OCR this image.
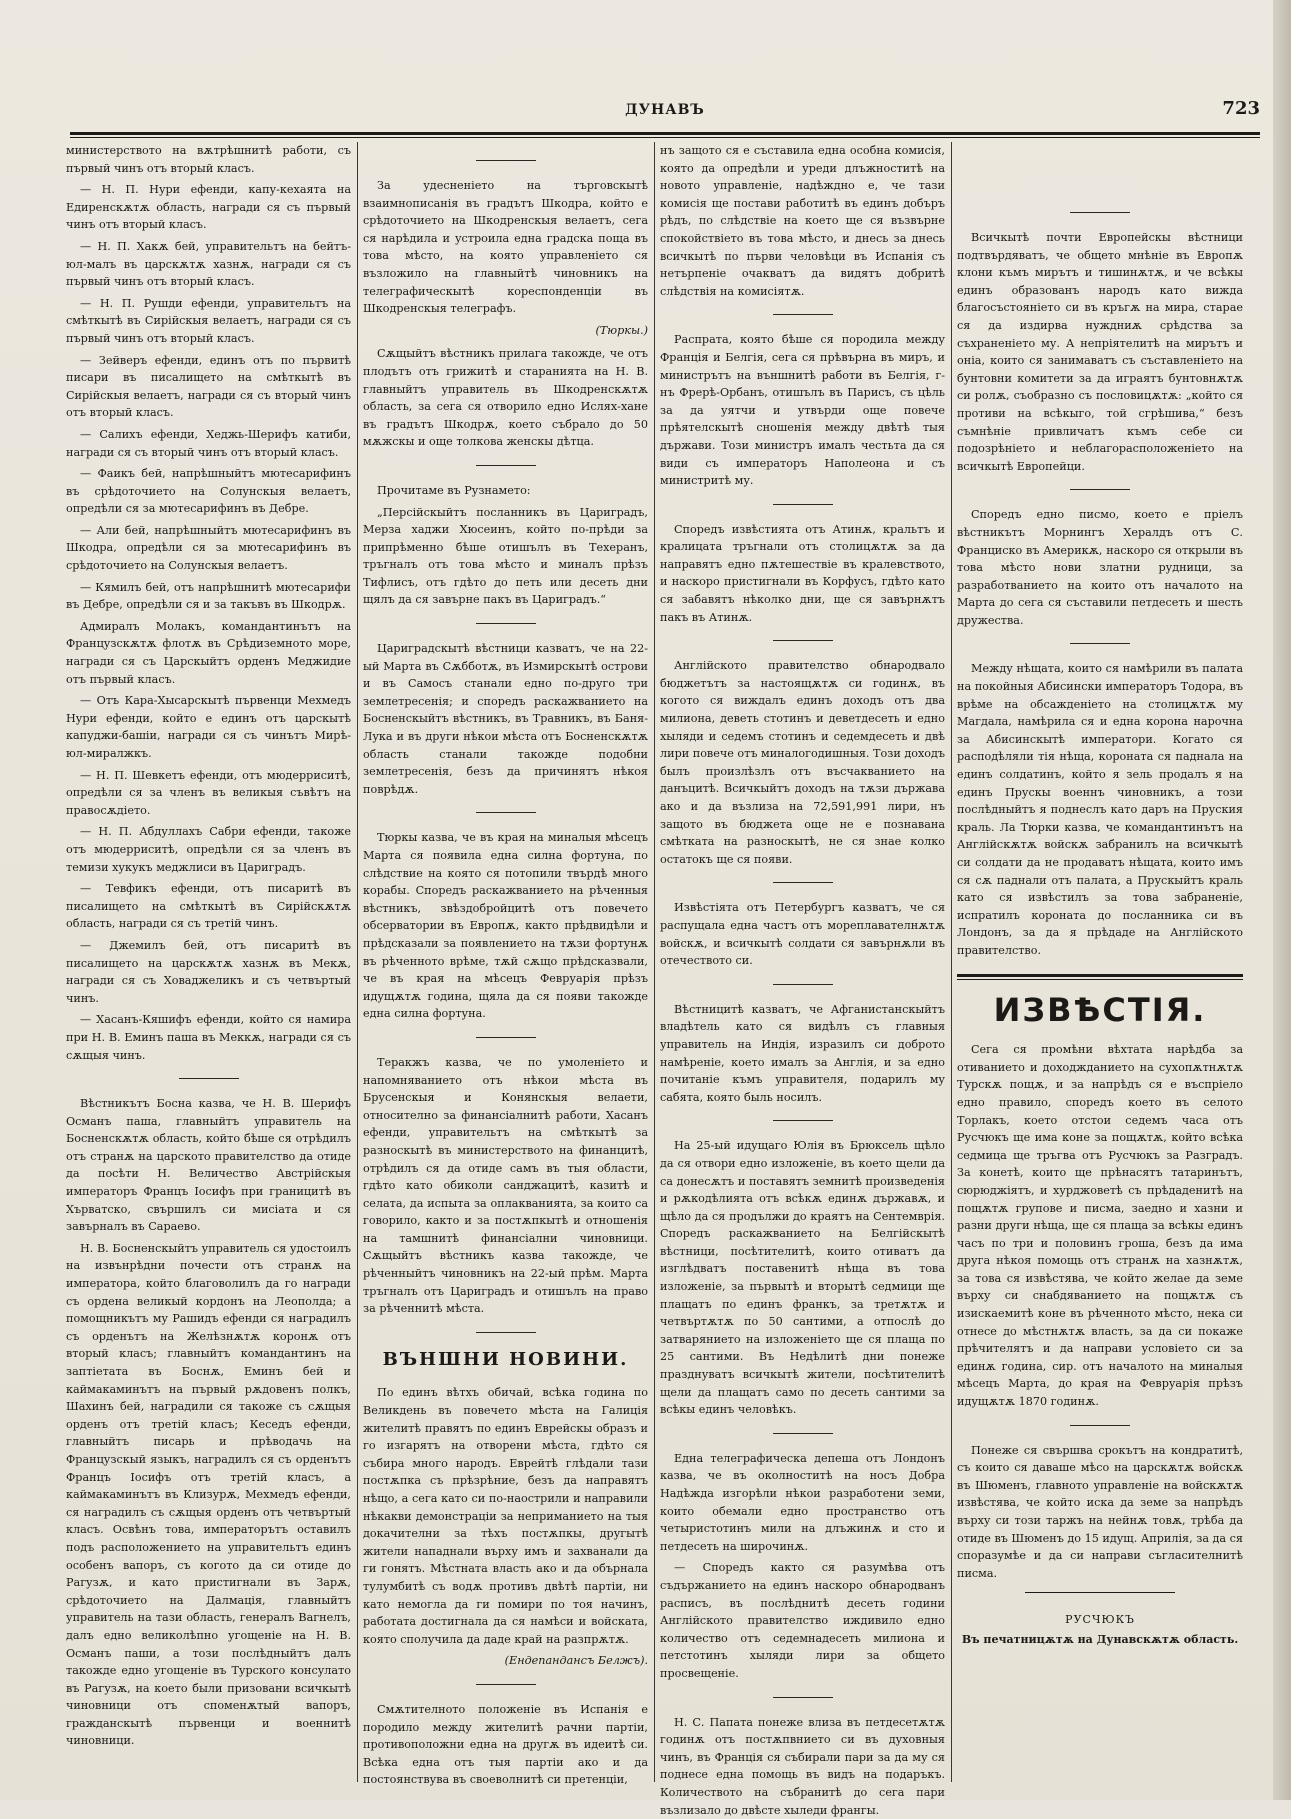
ДУНАВЪ	723

министерството на вѫтрѣшнитѣ работи, съ първый чинъ отъ вторый класъ.

— Н. П. Нури ефенди, капу-кехаята на Едиренскѫтѫ область, награди ся съ първый чинъ отъ вторый класъ.

— Н. П. Хакѫ бей, управительтъ на бейтъ-юл-малъ въ царскѫтѫ хазнѫ, награди ся съ първый чинъ отъ вторый класъ.

— Н. П. Рушди ефенди, управительтъ на смѣткытѣ въ Сирійскыя велаетъ, награди ся съ първый чинъ отъ вторый класъ.

— Зейверъ ефенди, единъ отъ по първитѣ писари въ писалището на смѣткытѣ въ Сирійскыя велаетъ, награди ся съ вторый чинъ отъ вторый класъ.

— Салихъ ефенди, Хеджь-Шерифъ катиби, награди ся съ вторый чинъ отъ вторый класъ.

— Фаикъ бей, напрѣшныйтъ мютесарифинъ въ срѣдоточието на Солунскыя велаетъ, опредѣли ся за мютесарифинъ въ Дебре.

— Али бей, напрѣшныйтъ мютесарифинъ въ Шкодра, опредѣли ся за мютесарифинъ въ срѣдоточието на Солунскыя велаетъ.

— Кямилъ бей, отъ напрѣшнитѣ мютесарифи въ Дебре, опредѣли ся и за такъвъ въ Шкодрѫ.

Адмиралъ Молакъ, командантинътъ на Французскѫтѫ флотѫ въ Срѣдиземното море, награди ся съ Царскыйтъ орденъ Меджидие отъ първый класъ.

— Отъ Кара-Хысарскытѣ първенци Мехмедъ Нури ефенди, който е единъ отъ царскытѣ капуджи-башіи, награди ся съ чинътъ Мирѣ-юл-миралжкъ.

— Н. П. Шевкетъ ефенди, отъ мюдерриситѣ, опредѣли ся за членъ въ великыя съвѣтъ на правосѫдіето.

— Н. П. Абдуллахъ Сабри ефенди, такоже отъ мюдерриситѣ, опредѣли ся за членъ въ темизи хукукъ меджлиси въ Цариградъ.

— Тевфикъ ефенди, отъ писаритѣ въ писалището на смѣткытѣ въ Сирійскѫтѫ область, награди ся съ третій чинъ.

— Джемилъ бей, отъ писаритѣ въ писалището на царскѫтѫ хазнѫ въ Мекѫ, награди ся съ Ховаджеликъ и съ четвъртый чинъ.

— Хасанъ-Кяшифъ ефенди, който ся намира при Н. В. Еминъ паша въ Меккѫ, награди ся съ сѫщыя чинъ.

Вѣстникътъ Босна казва, че Н. В. Шерифъ Османъ паша, главныйтъ управитель на Босненскѫтѫ область, който бѣше ся отрѣдилъ отъ странѫ на царското правителство да отиде да посѣти Н. Величество Австрійскыя императоръ Францъ Іосифъ при границитѣ въ Хърватско, свършилъ си мисіата и ся завърналъ въ Сараево.

Н. В. Босненскыйтъ управитель ся удостоилъ на извънрѣдни почести отъ странѫ на императора, който благоволилъ да го награди съ ордена великый кордонъ на Леополда; а помощникътъ му Рашидъ ефенди ся наградилъ съ орденътъ на Желѣзнѫтѫ коронѫ отъ вторый класъ; главныйтъ командантинъ на заптіетата въ Боснѫ, Еминъ бей и каймакаминътъ на първый рѫдовенъ полкъ, Шахинъ бей, наградили ся такоже съ сѫщыя орденъ отъ третій класъ; Кеседъ ефенди, главныйтъ писарь и прѣводачь на Французскый языкъ, наградилъ ся съ орденътъ Францъ Іосифъ отъ третій класъ, а каймакаминътъ въ Клизурѫ, Мехмедъ ефенди, ся наградилъ съ сѫщыя орденъ отъ четвъртый класъ. Освѣнъ това, императорътъ оставилъ подъ расположението на управительтъ единъ особенъ вапоръ, съ когото да си отиде до Рагузѫ, и като пристигнали въ Зарѫ, срѣдоточието на Далмація, главныйтъ управитель на тази область, генералъ Вагнелъ, далъ едно великолѣпно угощеніе на Н. В. Османъ паши, а този послѣдныйтъ далъ такожде едно угощеніе въ Турского консулато въ Рагузѫ, на което были призовани всичкытѣ чиновници отъ споменѫтый вапоръ, гражданскытѣ първенци и военнитѣ чиновници.

За удесненіето на търговскытѣ взаимнописанія въ градътъ Шкодра, който е срѣдоточието на Шкодренскыя велаетъ, сега ся нарѣдила и устроила една градска поща въ това мѣсто, на която управленіето ся възложило на главныйтѣ чиновникъ на телеграфическытѣ кореспонденціи въ Шкодренскыя телеграфъ.

(Тюркы.)

Сѫщыйтъ вѣстникъ прилага такожде, че отъ плодътъ отъ грижитѣ и старанията на Н. В. главныйтъ управитель въ Шкодренскѫтѫ область, за сега ся отворило едно Ислях-хане въ градътъ Шкодрѫ, което събрало до 50 мѫжскы и още толкова женскы дѣтца.

Прочитаме въ Рузнамето:

„Персійскыйтъ посланникъ въ Цариградъ, Мерза хаджи Хюсеинъ, който по-прѣди за припрѣменно бѣше отишълъ въ Техеранъ, тръгналъ отъ това мѣсто и миналъ прѣзъ Тифлисъ, отъ гдѣто до петь или десеть дни щялъ да ся завърне пакъ въ Цариградъ.“

Цариградскытѣ вѣстници казватъ, че на 22-ый Марта въ Сѫбботѫ, въ Измирскытѣ острови и въ Самосъ станали едно по-друго три землетресенія; и споредъ раскажванието на Босненскыйтъ вѣстникъ, въ Травникъ, въ Баня-Лука и въ други нѣкои мѣста отъ Босненскѫтѫ область станали такожде подобни землетресенія, безъ да причинятъ нѣкоя поврѣдѫ.

Тюркы казва, че въ края на миналыя мѣсецъ Марта ся появила една силна фортуна, по слѣдствие на която ся потопили твърдѣ много корабы. Споредъ раскажванието на рѣченныя вѣстникъ, звѣздобройцитѣ отъ повечето обсерватории въ Европѫ, както прѣдвидѣли и прѣдсказали за появлението на тѫзи фортунѫ въ рѣченното врѣме, тѫй сѫщо прѣдсказвали, че въ края на мѣсецъ Февруарія прѣзъ идущѫтѫ година, щяла да ся появи такожде една силна фортуна.

Теракжъ казва, че по умоленіето и напомняванието отъ нѣкои мѣста въ Брусенскыя и Конянскыя велаети, относително за финансіалнитѣ работи, Хасанъ ефенди, управительтъ на смѣткытѣ за разноскытѣ въ министерството на финанцитѣ, отрѣдилъ ся да отиде самъ въ тыя области, гдѣто като обиколи санджацитѣ, казитѣ и селата, да испыта за оплакванията, за които са говорило, както и за постѫпкытѣ и отношенія на тамшнитѣ финансіални чиновници. Сѫщыйтъ вѣстникъ казва такожде, че рѣченныйтъ чиновникъ на 22-ый прѣм. Марта тръгналъ отъ Цариградъ и отишълъ на право за рѣченнитѣ мѣста.

ВЪНШНИ НОВИНИ.

По единъ вѣтхъ обичай, всѣка година по Великдень въ повечето мѣста на Галиція жителитѣ правятъ по единъ Еврейскы образъ и го изгарятъ на отворени мѣста, гдѣто ся събира много народъ. Еврейтѣ глѣдали тази постѫпка съ прѣзрѣние, безъ да направятъ нѣщо, а сега като си по-наострили и направили нѣкакви демонстраціи за неприманието на тыя докачителни за тѣхъ постѫпкы, другытѣ жители нападнали върху имъ и захванали да ги гонятъ. Мѣстната власть ако и да обърнала тулумбитѣ съ водѫ противъ двѣтѣ партіи, ни като немогла да ги помири по тоя начинъ, работата достигнала да ся намѣси и войската, която сполучила да даде край на разпрѫтѫ.

(Ендепандансъ Белжъ).

Смѫтителното положеніе въ Испанія е породило между жителитѣ рачни партіи, противоположни една на другѫ въ идеитѣ си. Всѣка една отъ тыя партіи ако и да постоянствува въ своеволнитѣ си претенціи,

нъ защото ся е съставила една особна комисія, която да опредѣли и уреди длъжноститѣ на новото управленіе, надѣждно е, че тази комисія ще постави работитѣ въ единъ добъръ рѣдъ, по слѣдствіе на което ще ся възвърне спокойствіето въ това мѣсто, и днесь за днесь всичкытѣ по първи человѣци въ Испанія съ нетърпеніе очакватъ да видятъ добритѣ слѣдствія на комисіятѫ.

Распрата, която бѣше ся породила между Франція и Белгія, сега ся прѣвърна въ миръ, и министрътъ на външнитѣ работи въ Белгія, г-нъ Фрерѣ-Орбанъ, отишълъ въ Парисъ, съ цѣль за да уятчи и утвърди още повече прѣятелскытѣ сношенія между двѣтѣ тыя държави. Този министръ ималъ честьта да ся види съ императоръ Наполеона и съ министритѣ му.

Споредъ извѣстията отъ Атинѫ, кральтъ и кралицата тръгнали отъ столицѫтѫ за да направятъ едно пѫтешествіе въ кралевството, и наскоро пристигнали въ Корфусъ, гдѣто като ся забавятъ нѣколко дни, ще ся завърнѫтъ пакъ въ Атинѫ.

Англійското правителство обнародвало бюджетътъ за настоящѫтѫ си годинѫ, въ когото ся виждалъ единъ доходъ отъ два милиона, деветь стотинъ и деветдесеть и едно хыляди и седемъ стотинъ и седемдесеть и двѣ лири повече отъ миналогодишныя. Този доходъ былъ произлѣзлъ отъ въсчакванието на данъцитѣ. Всичкыйтъ доходъ на тѫзи държава ако и да възлиза на 72,591,991 лири, нъ защото въ бюджета още не е познавана смѣтката на разноскытѣ, не ся знае колко остатокъ ще ся появи.

Извѣстіята отъ Петербургъ казватъ, че ся распущала една частъ отъ мореплавателнѫтѫ войскѫ, и всичкытѣ солдати ся завърнѫли въ отечеството си.

Вѣстницитѣ казватъ, че Афганистанскыйтъ владѣтель като ся видѣлъ съ главныя управитель на Индія, изразилъ си доброто намѣреніе, което ималъ за Англія, и за едно почитаніе къмъ управителя, подарилъ му сабята, която быль носилъ.

На 25-ый идущаго Юлія въ Брюксель щѣло да ся отвори едно изложеніе, въ което щели да са донесѫтъ и поставятъ земнитѣ произведенія и рѫкодѣлията отъ всѣкѫ единѫ държавѫ, и щѣло да ся продължи до краятъ на Сентемврія. Споредъ раскажванието на Белгійскытѣ вѣстници, посѣтителитѣ, които отиватъ да изглѣдватъ поставенитѣ нѣща въ това изложеніе, за първытѣ и вторытѣ седмици ще плащатъ по единъ франкъ, за третѫтѫ и четвъртѫтѫ по 50 сантими, а отпослѣ до затварянието на изложеніето ще ся плаща по 25 сантими. Въ Недѣлитѣ дни понеже празднуватъ всичкытѣ жители, посѣтителитѣ щели да плащатъ само по десеть сантими за всѣкы единъ человѣкъ.

Една телеграфическа депеша отъ Лондонъ казва, че въ околноститѣ на носъ Добра Надѣжда изгорѣли нѣкои разработени земи, които обемали едно пространство отъ четыристотинъ мили на длъжинѫ и сто и петдесеть на широчинѫ.

— Споредъ както ся разумѣва отъ съдържанието на единъ наскоро обнародванъ расписъ, въ послѣднитѣ десеть години Англійското правителство иждивило едно количество отъ седемнадесеть милиона и петстотинъ хыляди лири за общето просвещеніе.

Н. С. Папата понеже влиза въ петдесетѫтѫ годинѫ отъ постѫпвнието си въ духовныя чинъ, въ Франція ся събирали пари за да му ся поднесе една помощь въ видъ на подаръкъ. Количеството на събранитѣ до сега пари възлизало до двѣсте хыледи франгы.

Всичкытѣ почти Европейскы вѣстници подтвърдяватъ, че общето мнѣніе въ Европѫ клони къмъ мирътъ и тишинѫтѫ, и че всѣкы единъ образованъ народъ като вижда благосъстояніето си въ кръгѫ на мира, старае ся да издирва нуждниѫ срѣдства за съхраненіето му. А непріятелитѣ на мирътъ и оніа, които ся занимаватъ съ съставленіето на бунтовни комитети за да играятъ бунтовнѫтѫ си ролѫ, съобразно съ пословицѫтѫ: „който ся противи на всѣкыго, той сгрѣшива,“ безъ съмнѣніе привличатъ къмъ себе си подозрѣніето и неблагорасположеніето на всичкытѣ Европейци.

Споредъ едно писмо, което е пріелъ вѣстникътъ Морнингъ Хералдъ отъ С. Франциско въ Америкѫ, наскоро ся открыли въ това мѣсто нови златни рудници, за разработванието на които отъ началото на Марта до сега ся съставили петдесеть и шесть дружества.

Между нѣщата, които ся намѣрили въ палата на покойныя Абисински императоръ Тодора, въ врѣме на обсажденіето на столицѫтѫ му Магдала, намѣрила ся и една корона нарочна за Абисинскытѣ императори. Когато ся расподѣляли тія нѣща, короната ся паднала на единъ солдатинъ, който я зель продалъ я на единъ Прускы военнъ чиновникъ, а този послѣдныйтъ я поднеслъ като даръ на Пруския краль. Ла Тюрки казва, че командантинътъ на Англійскѫтѫ войскѫ забранилъ на всичкытѣ си солдати да не продаватъ нѣщата, които имъ ся сѫ паднали отъ палата, а Прускыйтъ краль като ся извѣстилъ за това забраненіе, испратилъ короната до посланника си въ Лондонъ, за да я прѣдаде на Англійското правителство.

ИЗВѢСТІЯ.

Сега ся промѣни вѣхтата нарѣдба за отиванието и доходжданието на сухопѫтнѫтѫ Турскѫ пощѫ, и за напрѣдъ ся е въспріело едно правило, споредъ което въ селото Торлакъ, което отстои седемъ часа отъ Русчюкъ ще има коне за пощѫтѫ, който всѣка седмица ще тръгва отъ Русчюкъ за Разградъ. За конетѣ, които ще прѣнасятъ татаринътъ, сюрюджіятъ, и хурджоветѣ съ прѣдаденитѣ на пощѫтѫ групове и писма, заедно и хазни и разни други нѣща, ще ся плаща за всѣкы единъ часъ по три и половинъ гроша, безъ да има друга нѣкоя помощь отъ странѫ на хазнѫтѫ, за това ся извѣстява, че който желае да земе върху си снабдяванието на пощѫтѫ съ изискаемитѣ коне въ рѣченното мѣсто, нека си отнесе до мѣстнѫтѫ власть, за да си покаже прѣчителятъ и да направи условіето си за единѫ година, сир. отъ началото на миналыя мѣсецъ Марта, до края на Февруарія прѣзъ идущѫтѫ 1870 годинѫ.

Понеже ся свършва срокътъ на кондратитѣ, съ които ся даваше мѣсо на царскѫтѫ войскѫ въ Шюменъ, главното управленіе на войскѫтѫ извѣстява, че който иска да земе за напрѣдъ върху си този таржъ на нейнѫ товѫ, трѣба да отиде въ Шюменъ до 15 идущ. Априлія, за да ся споразумѣе и да си направи съгласителнитѣ писма.

РУСЧЮКЪ
Въ печатницѫтѫ на Дунавскѫтѫ область.
